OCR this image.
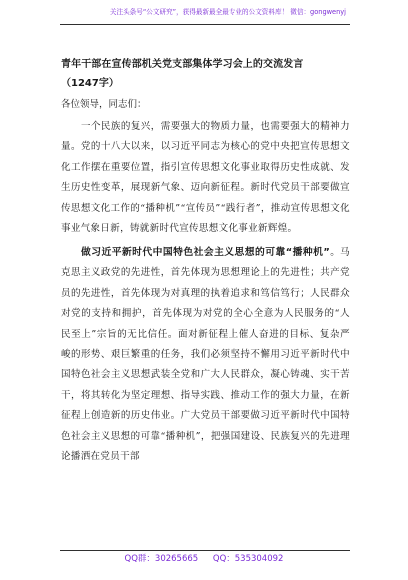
关注头条号“公文研究”，获得最新最全最专业的公文资料库！ 微信：gongwenyj
青年干部在宣传部机关党支部集体学习会上的交流发言
（1247字）
各位领导，同志们：
一个民族的复兴，需要强大的物质力量，也需要强大的精神力量。党的十八大以来，以习近平同志为核心的党中央把宣传思想文化工作摆在重要位置，指引宣传思想文化事业取得历史性成就、发生历史性变革，展现新气象、迈向新征程。新时代党员干部要做宣传思想文化工作的“播种机”“宣传员”“践行者”，推动宣传思想文化事业气象日新，铸就新时代宣传思想文化事业新辉煌。
做习近平新时代中国特色社会主义思想的可靠“播种机”。马克思主义政党的先进性，首先体现为思想理论上的先进性；共产党员的先进性，首先体现为对真理的执着追求和笃信笃行；人民群众对党的支持和拥护，首先体现为对党的全心全意为人民服务的“人民至上”宗旨的无比信任。面对新征程上催人奋进的目标、复杂严峻的形势、艰巨繁重的任务，我们必须坚持不懈用习近平新时代中国特色社会主义思想武装全党和广大人民群众，凝心铸魂、实干苦干，将其转化为坚定理想、指导实践、推动工作的强大力量，在新征程上创造新的历史伟业。广大党员干部要做习近平新时代中国特色社会主义思想的可靠“播种机”，把强国建设、民族复兴的先进理论播洒在党员干部
QQ群：30265665 QQ：535304092
